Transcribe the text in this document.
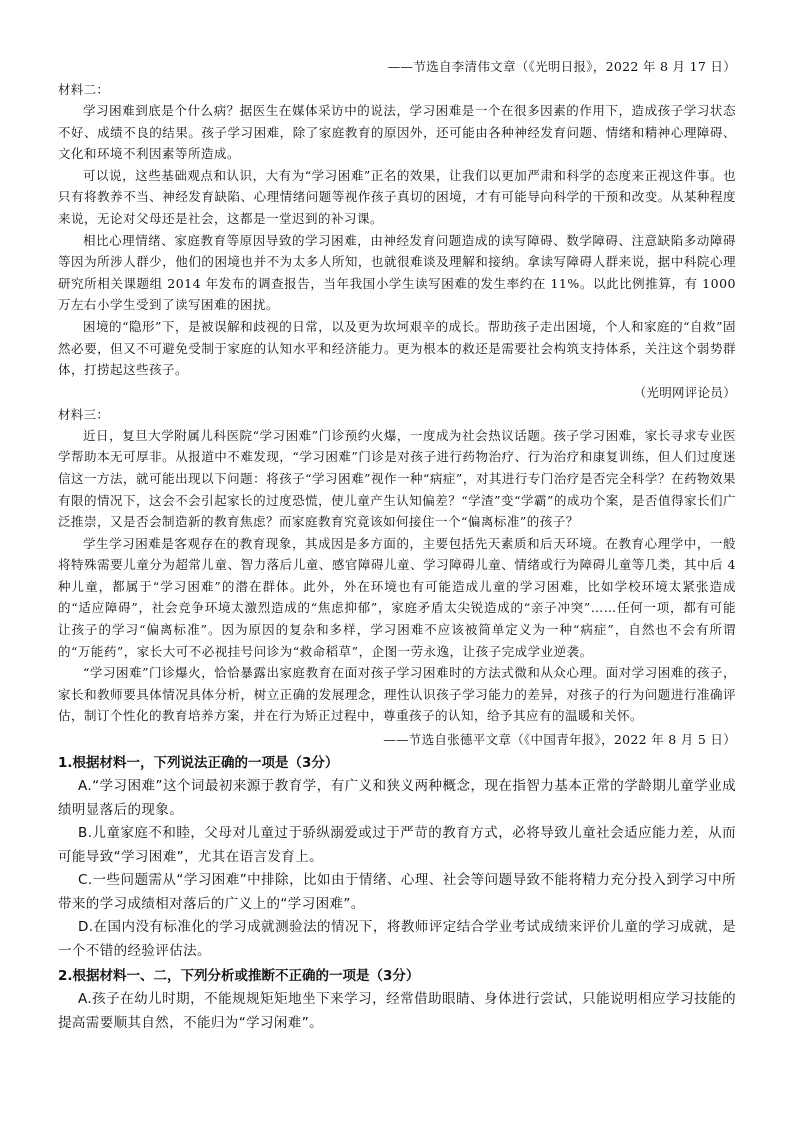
——节选自李清伟文章（《光明日报》，2022 年 8 月 17 日）

材料二：

学习困难到底是个什么病？据医生在媒体采访中的说法，学习困难是一个在很多因素的作用下，造成孩子学习状态不好、成绩不良的结果。孩子学习困难，除了家庭教育的原因外，还可能由各种神经发育问题、情绪和精神心理障碍、文化和环境不利因素等所造成。

可以说，这些基础观点和认识，大有为“学习困难”正名的效果，让我们以更加严肃和科学的态度来正视这件事。也只有将教养不当、神经发育缺陷、心理情绪问题等视作孩子真切的困境，才有可能导向科学的干预和改变。从某种程度来说，无论对父母还是社会，这都是一堂迟到的补习课。

相比心理情绪、家庭教育等原因导致的学习困难，由神经发育问题造成的读写障碍、数学障碍、注意缺陷多动障碍等因为所涉人群少，他们的困境也并不为太多人所知，也就很难谈及理解和接纳。拿读写障碍人群来说，据中科院心理研究所相关课题组 2014 年发布的调查报告，当年我国小学生读写困难的发生率约在 11%。以此比例推算，有 1000 万左右小学生受到了读写困难的困扰。

困境的“隐形”下，是被误解和歧视的日常，以及更为坎坷艰辛的成长。帮助孩子走出困境，个人和家庭的“自救”固然必要，但又不可避免受制于家庭的认知水平和经济能力。更为根本的救还是需要社会构筑支持体系，关注这个弱势群体，打捞起这些孩子。

（光明网评论员）

材料三：

近日，复旦大学附属儿科医院“学习困难”门诊预约火爆，一度成为社会热议话题。孩子学习困难，家长寻求专业医学帮助本无可厚非。从报道中不难发现，“学习困难”门诊是对孩子进行药物治疗、行为治疗和康复训练，但人们过度迷信这一方法，就可能出现以下问题：将孩子“学习困难”视作一种“病症”，对其进行专门治疗是否完全科学？在药物效果有限的情况下，这会不会引起家长的过度恐慌，使儿童产生认知偏差？“学渣”变“学霸”的成功个案，是否值得家长们广泛推崇，又是否会制造新的教育焦虑？而家庭教育究竟该如何接住一个“偏离标准”的孩子？

学生学习困难是客观存在的教育现象，其成因是多方面的，主要包括先天素质和后天环境。在教育心理学中，一般将特殊需要儿童分为超常儿童、智力落后儿童、感官障碍儿童、学习障碍儿童、情绪或行为障碍儿童等几类，其中后 4 种儿童，都属于“学习困难”的潜在群体。此外，外在环境也有可能造成儿童的学习困难，比如学校环境太紧张造成的“适应障碍”，社会竞争环境太激烈造成的“焦虑抑郁”，家庭矛盾太尖锐造成的“亲子冲突”……任何一项，都有可能让孩子的学习“偏离标准”。因为原因的复杂和多样，学习困难不应该被简单定义为一种“病症”，自然也不会有所谓的“万能药”，家长大可不必视挂号问诊为“救命稻草”，企图一劳永逸，让孩子完成学业逆袭。

“学习困难”门诊爆火，恰恰暴露出家庭教育在面对孩子学习困难时的方法式微和从众心理。面对学习困难的孩子，家长和教师要具体情况具体分析，树立正确的发展理念，理性认识孩子学习能力的差异，对孩子的行为问题进行准确评估，制订个性化的教育培养方案，并在行为矫正过程中，尊重孩子的认知，给予其应有的温暖和关怀。

——节选自张德平文章（《中国青年报》，2022 年 8 月 5 日）

1.根据材料一，下列说法正确的一项是（3分）

A.“学习困难”这个词最初来源于教育学，有广义和狭义两种概念，现在指智力基本正常的学龄期儿童学业成绩明显落后的现象。

B.儿童家庭不和睦，父母对儿童过于骄纵溺爱或过于严苛的教育方式，必将导致儿童社会适应能力差，从而可能导致“学习困难”，尤其在语言发育上。

C.一些问题需从“学习困难”中排除，比如由于情绪、心理、社会等问题导致不能将精力充分投入到学习中所带来的学习成绩相对落后的广义上的“学习困难”。

D.在国内没有标准化的学习成就测验法的情况下，将教师评定结合学业考试成绩来评价儿童的学习成就，是一个不错的经验评估法。

2.根据材料一、二，下列分析或推断不正确的一项是（3分）

A.孩子在幼儿时期，不能规规矩矩地坐下来学习，经常借助眼睛、身体进行尝试，只能说明相应学习技能的提高需要顺其自然，不能归为“学习闲难”。
